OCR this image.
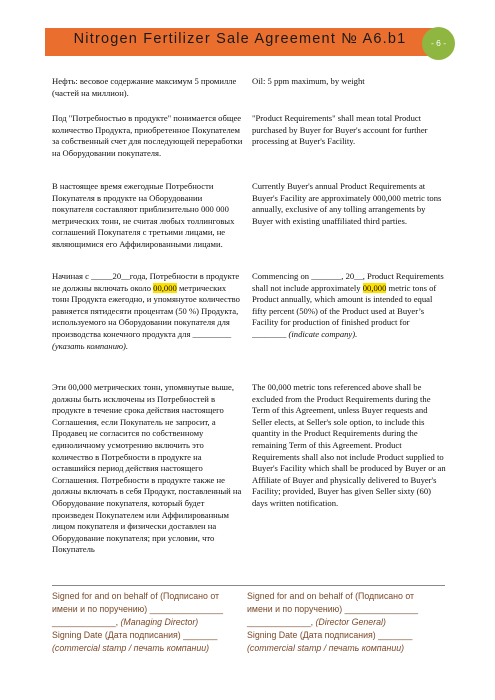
Nitrogen Fertilizer Sale Agreement № A6.b1	- 6 -
Нефть: весовое содержание максимум 5 промилле (частей на миллион).
Oil: 5 ppm maximum, by weight
Под "Потребностью в продукте" понимается общее количество Продукта, приобретенное Покупателем за собственный счет для последующей переработки на Оборудовании покупателя.
"Product Requirements" shall mean total Product purchased by Buyer for Buyer's account for further processing at Buyer's Facility.
В настоящее время ежегодные Потребности Покупателя в продукте на Оборудовании покупателя составляют приблизительно 000 000 метрических тонн, не считая любых толлинговых соглашений Покупателя с третьими лицами, не являющимися его Аффилированными лицами.
Currently Buyer's annual Product Requirements at Buyer's Facility are approximately 000,000 metric tons annually, exclusive of any tolling arrangements by Buyer with existing unaffiliated third parties.
Начиная с _____20__года, Потребности в продукте не должны включать около 00,000 метрических тонн Продукта ежегодно, и упомянутое количество равняется пятидесяти процентам (50 %) Продукта, используемого на Оборудовании покупателя для производства конечного продукта для _________ (указать компанию).
Commencing on _______, 20__, Product Requirements shall not include approximately 00,000 metric tons of Product annually, which amount is intended to equal fifty percent (50%) of the Product used at Buyer’s Facility for production of finished product for ________ (indicate company).
Эти 00,000 метрических тонн, упомянутые выше, должны быть исключены из Потребностей в продукте в течение срока действия настоящего Соглашения, если Покупатель не запросит, а Продавец не согласится по собственному единоличному усмотрению включить это количество в Потребности в продукте на оставшийся период действия настоящего Соглашения. Потребности в продукте также не должны включать в себя Продукт, поставленный на Оборудование покупателя, который будет произведен Покупателем или Аффилированным лицом покупателя и физически доставлен на Оборудование покупателя; при условии, что Покупатель
The 00,000 metric tons referenced above shall be excluded from the Product Requirements during the Term of this Agreement, unless Buyer requests and Seller elects, at Seller's sole option, to include this quantity in the Product Requirements during the remaining Term of this Agreement. Product Requirements shall also not include Product supplied to Buyer's Facility which shall be produced by Buyer or an Affiliate of Buyer and physically delivered to Buyer's Facility; provided, Buyer has given Seller sixty (60) days written notification.
Signed for and on behalf of (Подписано от
имени и по поручению) _______________
_____________, (Managing Director)
Signing Date (Дата подписания) _______
(commercial stamp / печать компании)
Signed for and on behalf of (Подписано от
имени и по поручению) _______________
_____________, (Director General)
Signing Date (Дата подписания) _______
(commercial stamp / печать компании)
